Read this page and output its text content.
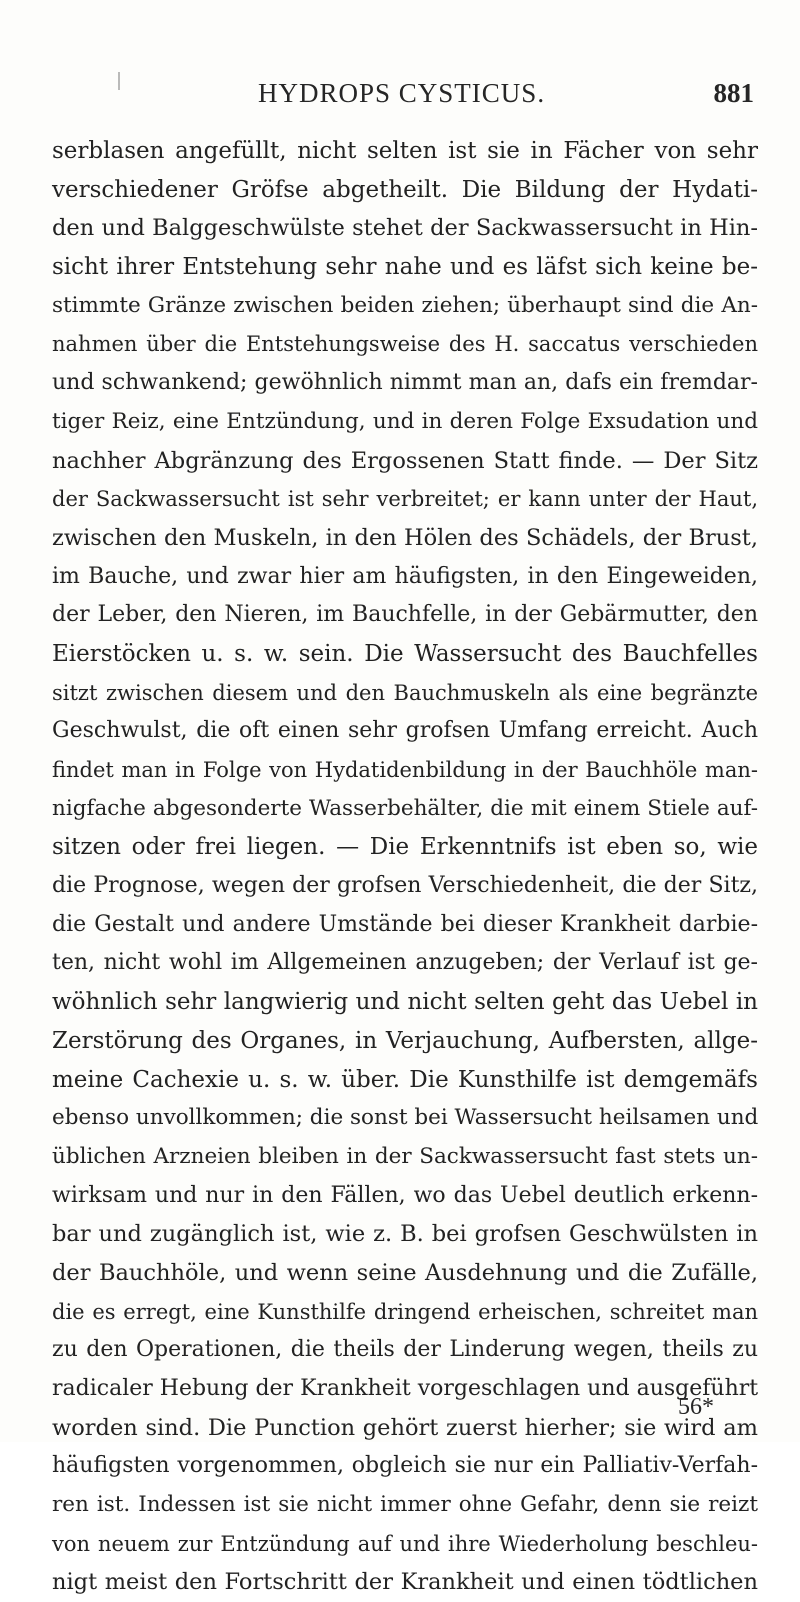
HYDROPS CYSTICUS.	881
serblasen angefüllt, nicht selten ist sie in Fächer von sehr
verschiedener Gröfse abgetheilt. Die Bildung der Hydati-
den und Balggeschwülste stehet der Sackwassersucht in Hin-
sicht ihrer Entstehung sehr nahe und es läfst sich keine be-
stimmte Gränze zwischen beiden ziehen; überhaupt sind die An-
nahmen über die Entstehungsweise des H. saccatus verschieden
und schwankend; gewöhnlich nimmt man an, dafs ein fremdar-
tiger Reiz, eine Entzündung, und in deren Folge Exsudation und
nachher Abgränzung des Ergossenen Statt finde. — Der Sitz
der Sackwassersucht ist sehr verbreitet; er kann unter der Haut,
zwischen den Muskeln, in den Hölen des Schädels, der Brust,
im Bauche, und zwar hier am häufigsten, in den Eingeweiden,
der Leber, den Nieren, im Bauchfelle, in der Gebärmutter, den
Eierstöcken u. s. w. sein. Die Wassersucht des Bauchfelles
sitzt zwischen diesem und den Bauchmuskeln als eine begränzte
Geschwulst, die oft einen sehr grofsen Umfang erreicht. Auch
findet man in Folge von Hydatidenbildung in der Bauchhöle man-
nigfache abgesonderte Wasserbehälter, die mit einem Stiele auf-
sitzen oder frei liegen. — Die Erkenntnifs ist eben so, wie
die Prognose, wegen der grofsen Verschiedenheit, die der Sitz,
die Gestalt und andere Umstände bei dieser Krankheit darbie-
ten, nicht wohl im Allgemeinen anzugeben; der Verlauf ist ge-
wöhnlich sehr langwierig und nicht selten geht das Uebel in
Zerstörung des Organes, in Verjauchung, Aufbersten, allge-
meine Cachexie u. s. w. über. Die Kunsthilfe ist demgemäfs
ebenso unvollkommen; die sonst bei Wassersucht heilsamen und
üblichen Arzneien bleiben in der Sackwassersucht fast stets un-
wirksam und nur in den Fällen, wo das Uebel deutlich erkenn-
bar und zugänglich ist, wie z. B. bei grofsen Geschwülsten in
der Bauchhöle, und wenn seine Ausdehnung und die Zufälle,
die es erregt, eine Kunsthilfe dringend erheischen, schreitet man
zu den Operationen, die theils der Linderung wegen, theils zu
radicaler Hebung der Krankheit vorgeschlagen und ausgeführt
worden sind. Die Punction gehört zuerst hierher; sie wird am
häufigsten vorgenommen, obgleich sie nur ein Palliativ-Verfah-
ren ist. Indessen ist sie nicht immer ohne Gefahr, denn sie reizt
von neuem zur Entzündung auf und ihre Wiederholung beschleu-
nigt meist den Fortschritt der Krankheit und einen tödtlichen
56*
